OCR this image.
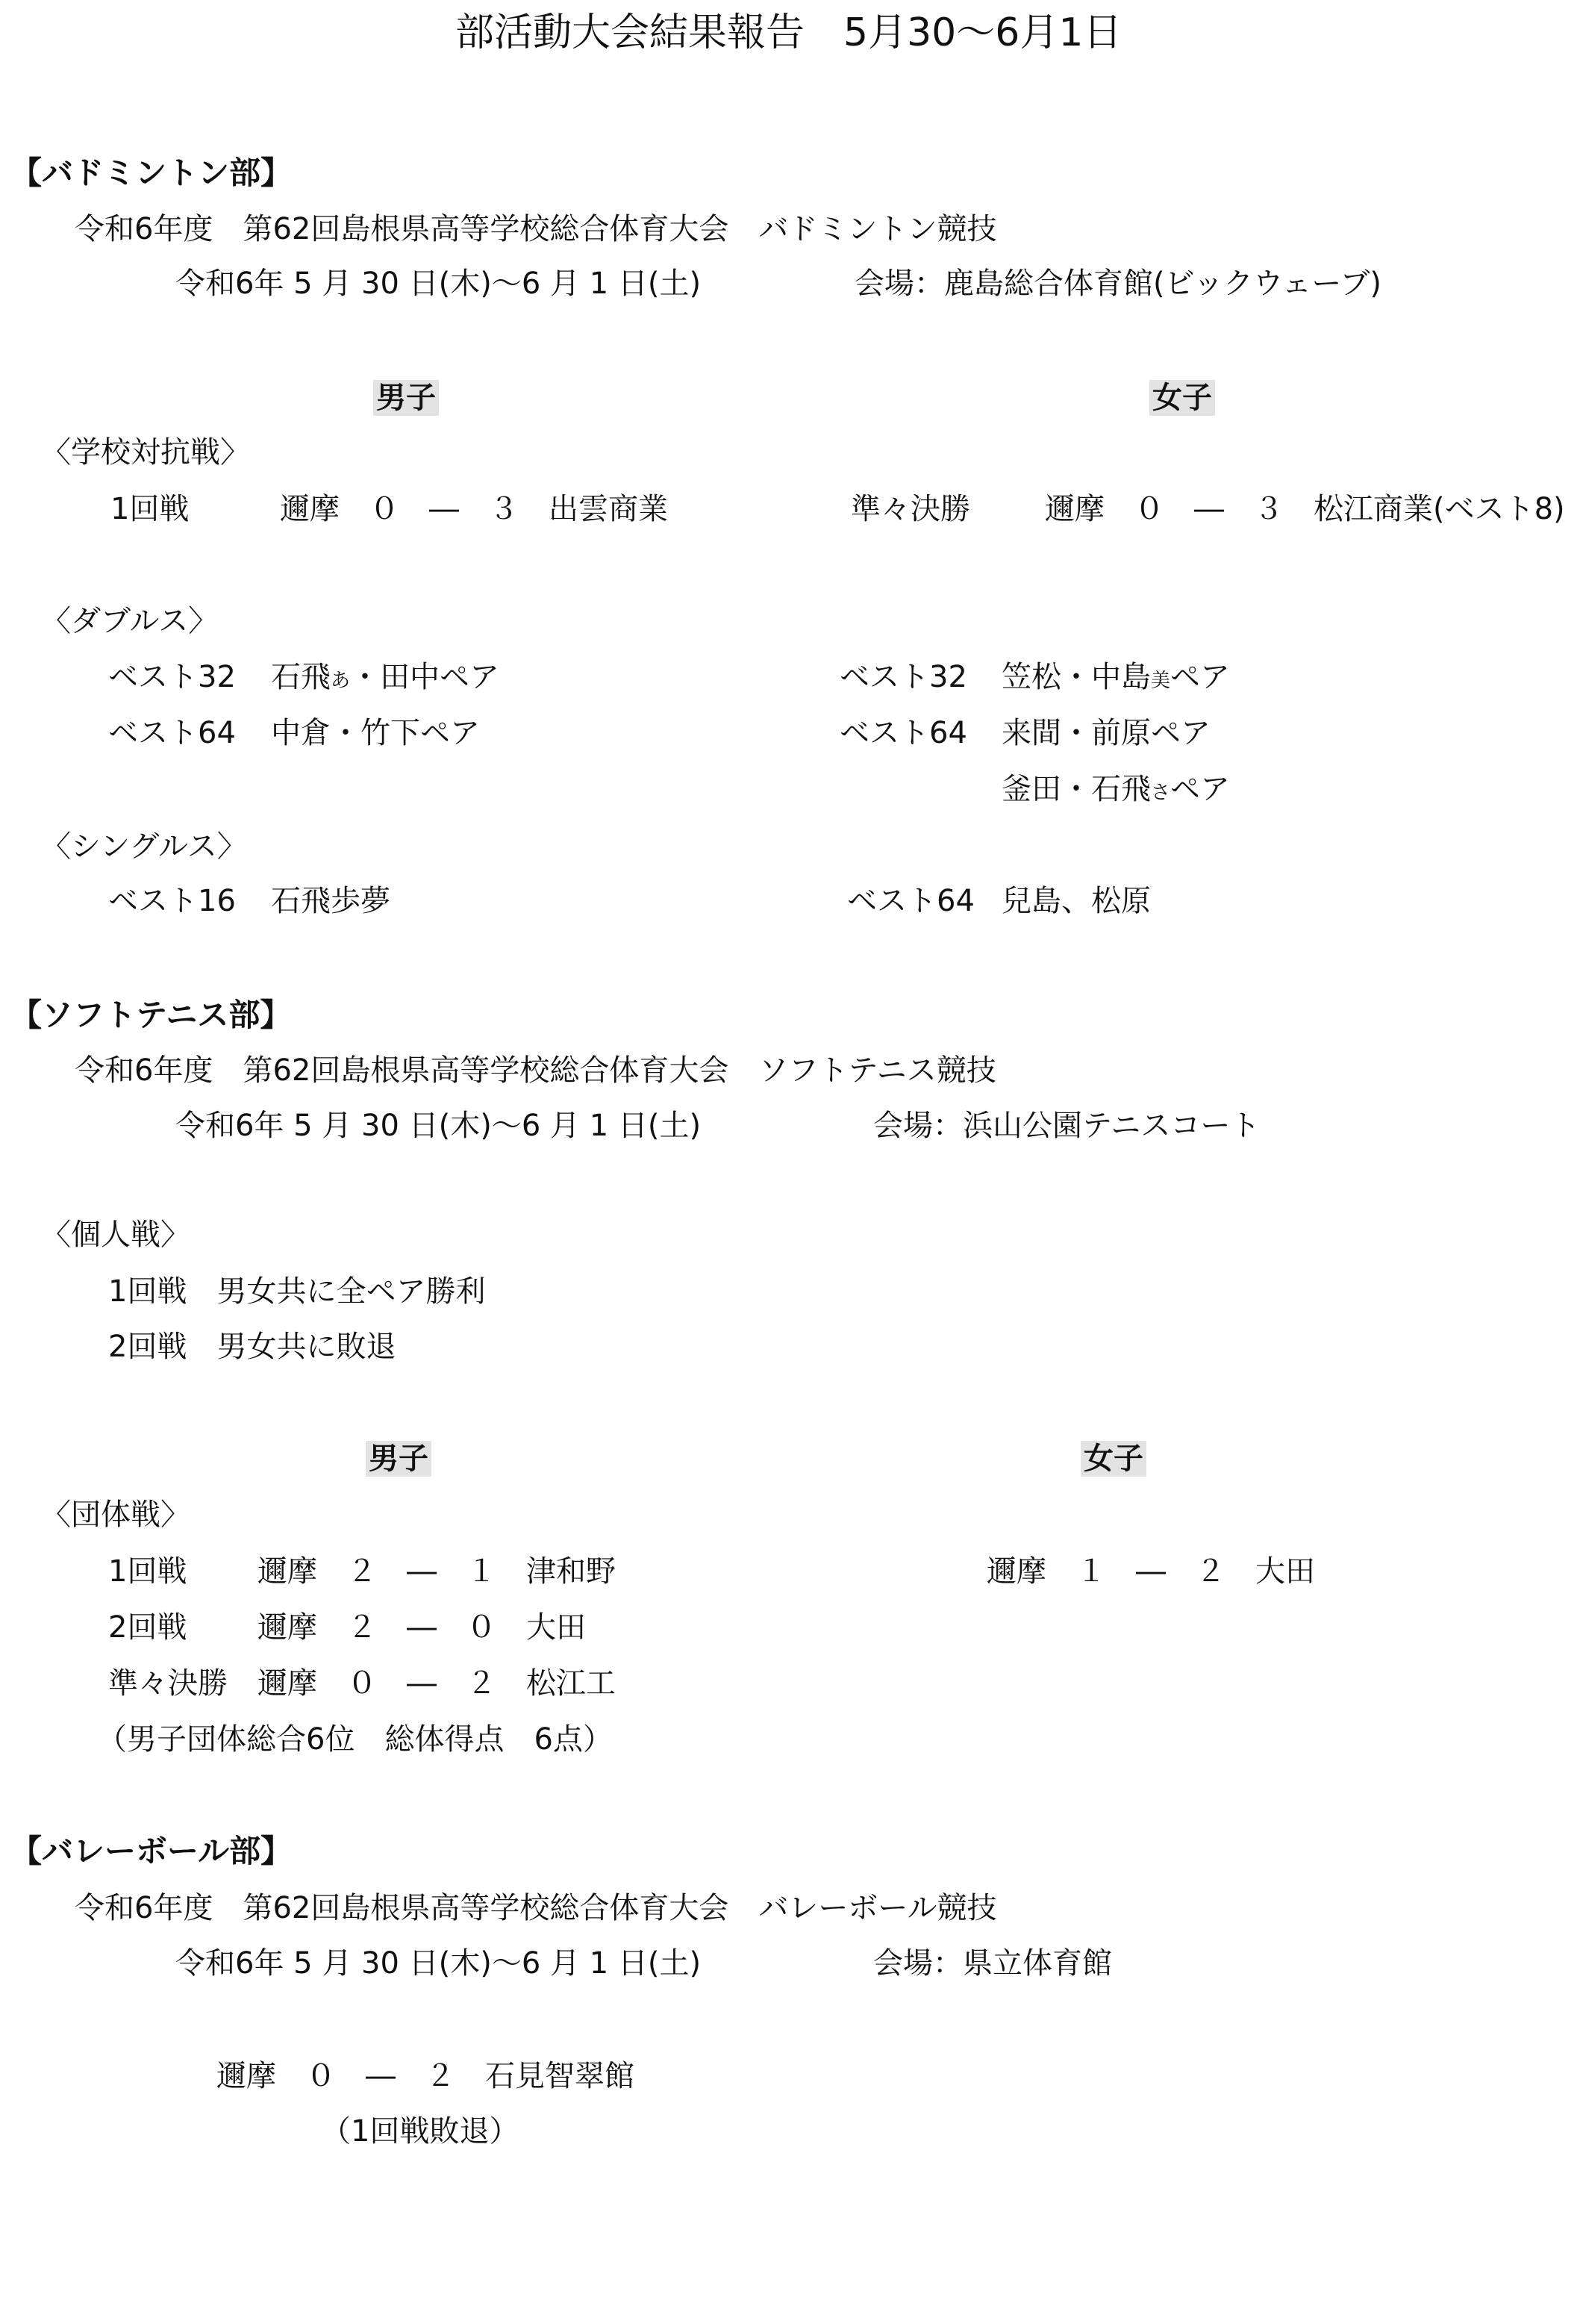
部活動大会結果報告　5月30～6月1日
【バドミントン部】
令和6年度　第62回島根県高等学校総合体育大会　バドミントン競技
令和6年 5 月 30 日(木)～6 月 1 日(土)	会場：鹿島総合体育館(ビックウェーブ)
男子	女子
〈学校対抗戦〉
1回戦	邇摩　０　―　３　出雲商業	準々決勝	邇摩　０　―　３　松江商業(ベスト8)
〈ダブルス〉
ベスト32 石飛あ・田中ペア
ベスト64 中倉・竹下ペア
ベスト32 笠松・中島美ペア
ベスト64 来間・前原ペア
釜田・石飛さペア
〈シングルス〉
ベスト16 石飛歩夢	ベスト64 兒島、松原
【ソフトテニス部】
令和6年度　第62回島根県高等学校総合体育大会　ソフトテニス競技
令和6年 5 月 30 日(木)～6 月 1 日(土)	会場：浜山公園テニスコート
〈個人戦〉
1回戦　男女共に全ペア勝利
2回戦　男女共に敗退
男子	女子
〈団体戦〉
1回戦 邇摩　２　―　１　津和野
2回戦 邇摩　２　―　０　大田
準々決勝 邇摩　０　―　２　松江工
（男子団体総合6位　総体得点　6点）
邇摩　１　―　２　大田
【バレーボール部】
令和6年度　第62回島根県高等学校総合体育大会　バレーボール競技
令和6年 5 月 30 日(木)～6 月 1 日(土)	会場：県立体育館
邇摩　０　―　２　石見智翠館
（1回戦敗退）
